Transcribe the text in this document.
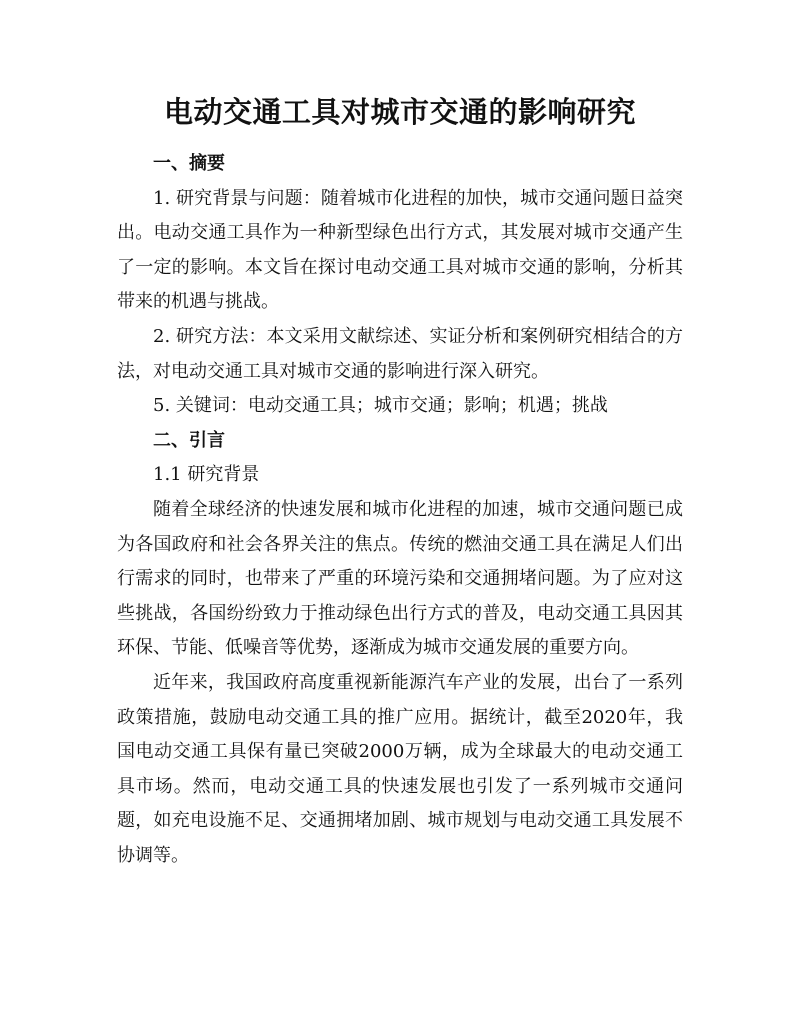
电动交通工具对城市交通的影响研究

一、摘要

1. 研究背景与问题：随着城市化进程的加快，城市交通问题日益突出。电动交通工具作为一种新型绿色出行方式，其发展对城市交通产生了一定的影响。本文旨在探讨电动交通工具对城市交通的影响，分析其带来的机遇与挑战。

2. 研究方法：本文采用文献综述、实证分析和案例研究相结合的方法，对电动交通工具对城市交通的影响进行深入研究。

5. 关键词：电动交通工具；城市交通；影响；机遇；挑战

二、引言

1.1 研究背景

随着全球经济的快速发展和城市化进程的加速，城市交通问题已成为各国政府和社会各界关注的焦点。传统的燃油交通工具在满足人们出行需求的同时，也带来了严重的环境污染和交通拥堵问题。为了应对这些挑战，各国纷纷致力于推动绿色出行方式的普及，电动交通工具因其环保、节能、低噪音等优势，逐渐成为城市交通发展的重要方向。

近年来，我国政府高度重视新能源汽车产业的发展，出台了一系列政策措施，鼓励电动交通工具的推广应用。据统计，截至2020年，我国电动交通工具保有量已突破2000万辆，成为全球最大的电动交通工具市场。然而，电动交通工具的快速发展也引发了一系列城市交通问题，如充电设施不足、交通拥堵加剧、城市规划与电动交通工具发展不协调等。
